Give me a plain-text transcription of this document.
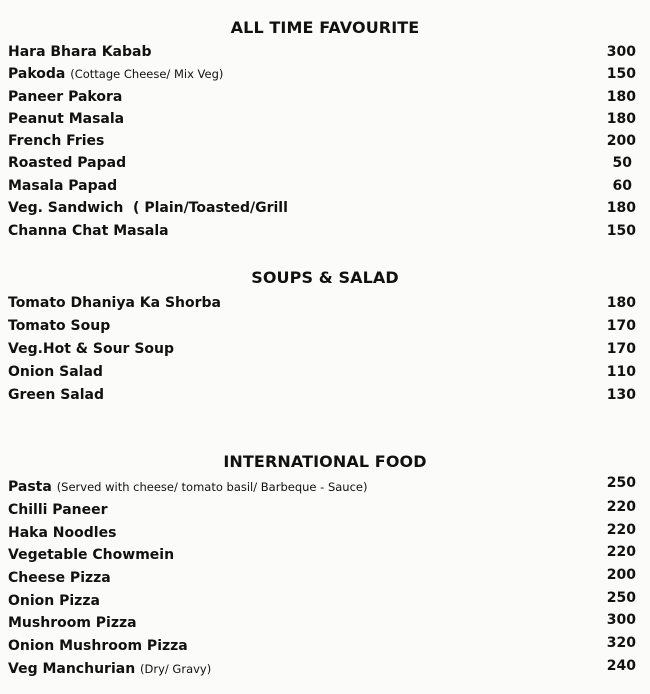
ALL TIME FAVOURITE
Hara Bhara Kabab	300
Pakoda (Cottage Cheese/ Mix Veg)	150
Paneer Pakora	180
Peanut Masala	180
French Fries	200
Roasted Papad	50
Masala Papad	60
Veg. Sandwich  ( Plain/Toasted/Grill	180
Channa Chat Masala	150
SOUPS & SALAD
Tomato Dhaniya Ka Shorba	180
Tomato Soup	170
Veg.Hot & Sour Soup	170
Onion Salad	110
Green Salad	130
INTERNATIONAL FOOD
Pasta (Served with cheese/ tomato basil/ Barbeque - Sauce)	250
Chilli Paneer	220
Haka Noodles	220
Vegetable Chowmein	220
Cheese Pizza	200
Onion Pizza	250
Mushroom Pizza	300
Onion Mushroom Pizza	320
Veg Manchurian (Dry/ Gravy)	240
